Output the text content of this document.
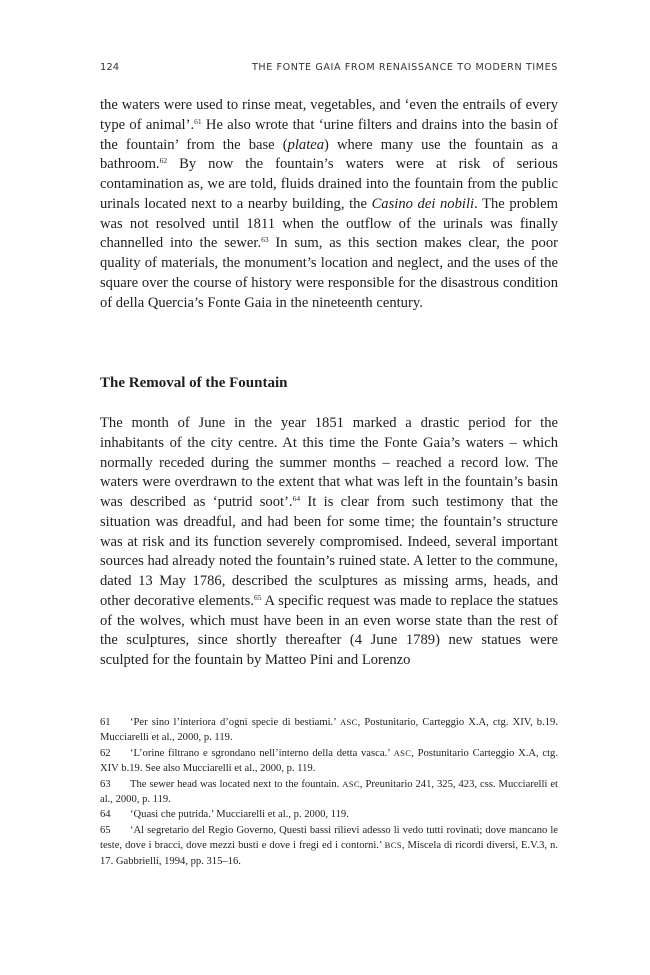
124	THE FONTE GAIA FROM RENAISSANCE TO MODERN TIMES

the waters were used to rinse meat, vegetables, and ‘even the entrails of every type of animal’.$^{61}$ He also wrote that ‘urine filters and drains into the basin of the fountain’ from the base (platea) where many use the fountain as a bathroom.$^{62}$ By now the fountain’s waters were at risk of serious contamination as, we are told, fluids drained into the fountain from the public urinals located next to a nearby building, the Casino dei nobili. The problem was not resolved until 1811 when the outflow of the urinals was finally channelled into the sewer.$^{63}$ In sum, as this section makes clear, the poor quality of materials, the monument’s location and neglect, and the uses of the square over the course of history were responsible for the disastrous condition of della Quercia’s Fonte Gaia in the nineteenth century.

The Removal of the Fountain

The month of June in the year 1851 marked a drastic period for the inhabitants of the city centre. At this time the Fonte Gaia’s waters – which normally receded during the summer months – reached a record low. The waters were overdrawn to the extent that what was left in the fountain’s basin was described as ‘putrid soot’.$^{64}$ It is clear from such testimony that the situation was dreadful, and had been for some time; the fountain’s structure was at risk and its function severely compromised. Indeed, several important sources had already noted the fountain’s ruined state. A letter to the commune, dated 13 May 1786, described the sculptures as missing arms, heads, and other decorative elements.$^{65}$ A specific request was made to replace the statues of the wolves, which must have been in an even worse state than the rest of the sculptures, since shortly thereafter (4 June 1789) new statues were sculpted for the fountain by Matteo Pini and Lorenzo

61 ‘Per sino l’interiora d’ogni specie di bestiami.’ ASC, Postunitario, Carteggio X.A, ctg. XIV, b.19. Mucciarelli et al., 2000, p. 119.

62 ‘L’orine filtrano e sgrondano nell’interno della detta vasca.’ ASC, Postunitario Carteggio X.A, ctg. XIV b.19. See also Mucciarelli et al., 2000, p. 119.

63 The sewer head was located next to the fountain. ASC, Preunitario 241, 325, 423, css. Mucciarelli et al., 2000, p. 119.

64 ‘Quasi che putrida.’ Mucciarelli et al., p. 2000, 119.

65 ‘Al segretario del Regio Governo, Questi bassi rilievi adesso li vedo tutti rovinati; dove mancano le teste, dove i bracci, dove mezzi busti e dove i fregi ed i contorni.’ BCS, Miscela di ricordi diversi, E.V.3, n. 17. Gabbrielli, 1994, pp. 315–16.
